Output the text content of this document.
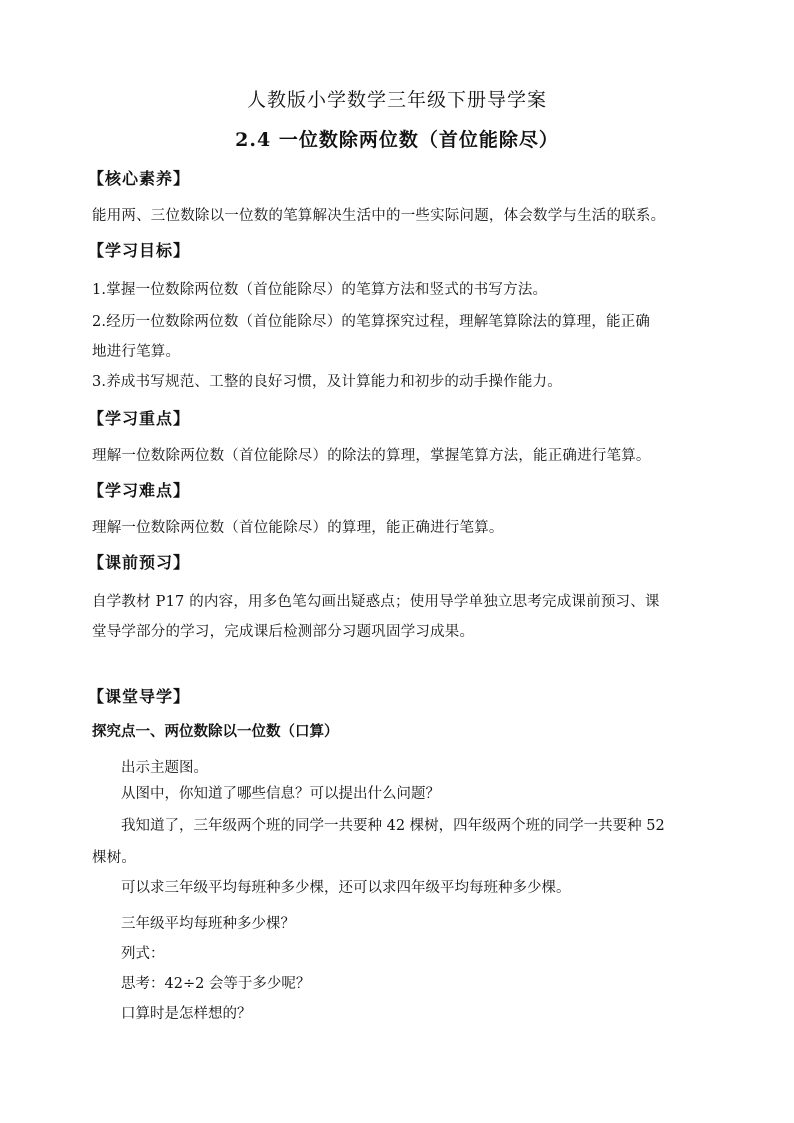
人教版小学数学三年级下册导学案
2.4 一位数除两位数（首位能除尽）
【核心素养】
能用两、三位数除以一位数的笔算解决生活中的一些实际问题，体会数学与生活的联系。
【学习目标】
1.掌握一位数除两位数（首位能除尽）的笔算方法和竖式的书写方法。
2.经历一位数除两位数（首位能除尽）的笔算探究过程，理解笔算除法的算理，能正确
地进行笔算。
3.养成书写规范、工整的良好习惯，及计算能力和初步的动手操作能力。
【学习重点】
理解一位数除两位数（首位能除尽）的除法的算理，掌握笔算方法，能正确进行笔算。
【学习难点】
理解一位数除两位数（首位能除尽）的算理，能正确进行笔算。
【课前预习】
自学教材 P17 的内容，用多色笔勾画出疑惑点；使用导学单独立思考完成课前预习、课
堂导学部分的学习，完成课后检测部分习题巩固学习成果。
【课堂导学】
探究点一、两位数除以一位数（口算）
出示主题图。
从图中，你知道了哪些信息？可以提出什么问题？
我知道了，三年级两个班的同学一共要种 42 棵树，四年级两个班的同学一共要种 52
棵树。
可以求三年级平均每班种多少棵，还可以求四年级平均每班种多少棵。
三年级平均每班种多少棵？
列式：
思考：42÷2 会等于多少呢？
口算时是怎样想的？
